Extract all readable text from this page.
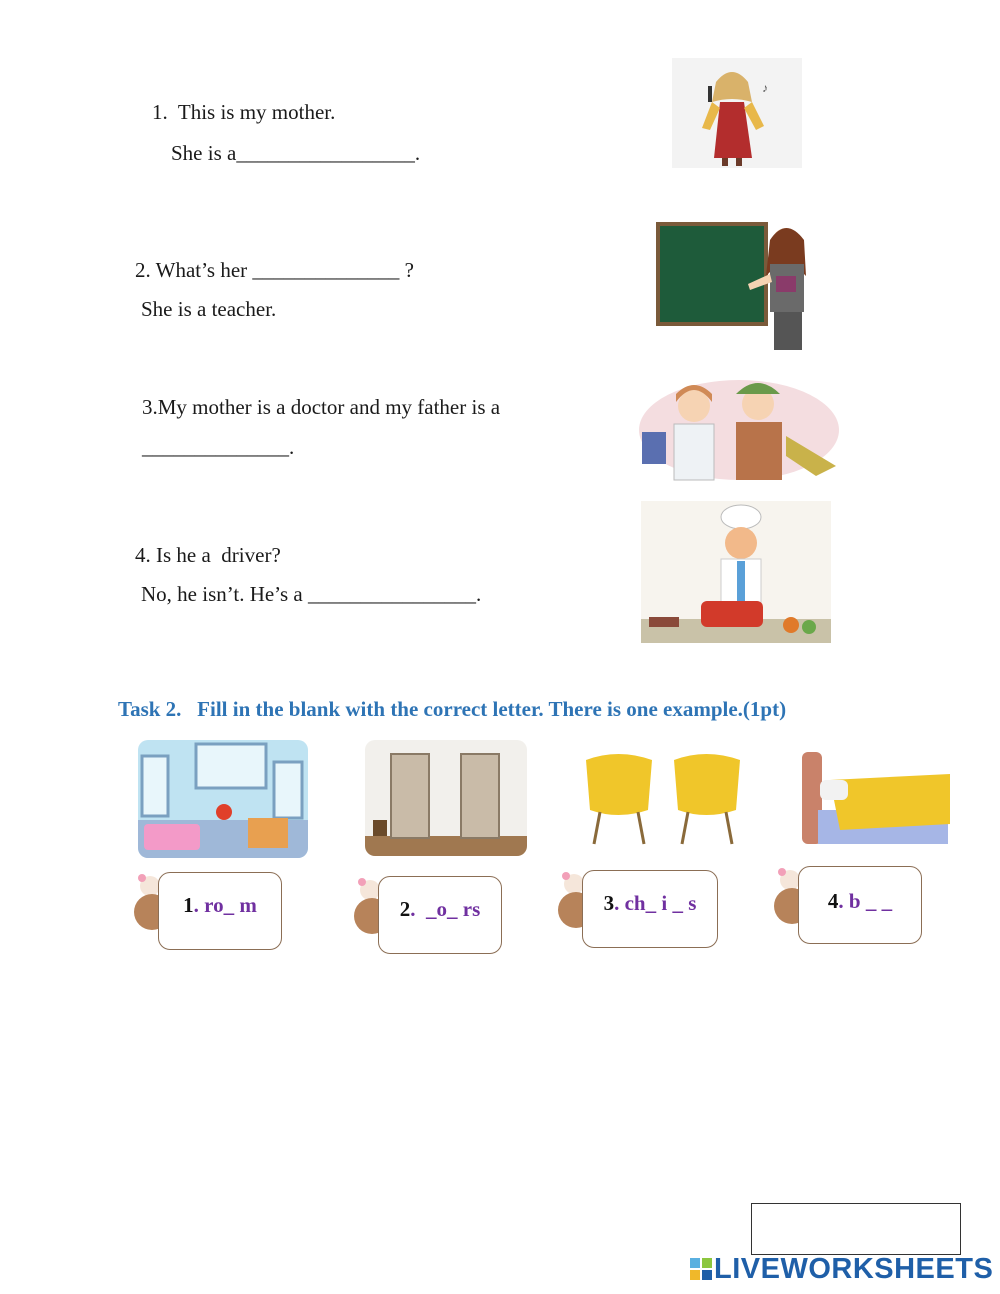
1.  This is my mother.
She is a_________________.
♪
2. What’s her ______________ ?
She is a teacher.
3.My mother is a doctor and my father is a
______________.
4. Is he a  driver?
No, he isn’t. He’s a ________________.
Task 2.   Fill in the blank with the correct letter. There is one example.(1pt)
1. ro_ m	2.  _o_ rs	3. ch_ i _ s	4. b _ _
LIVEWORKSHEETS
